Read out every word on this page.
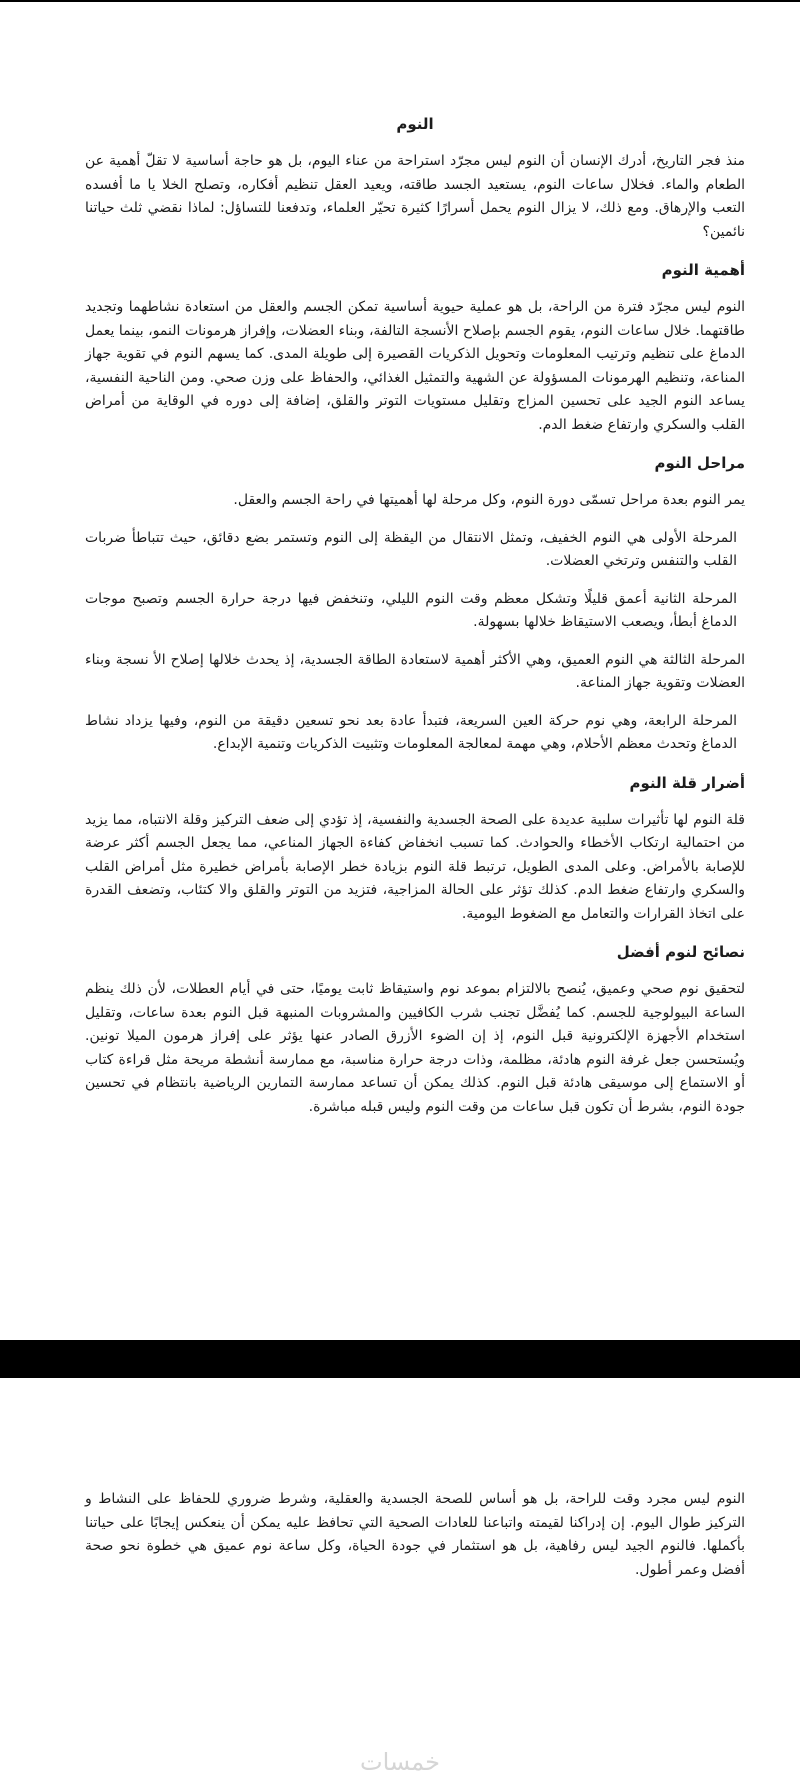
النوم

منذ فجر التاريخ، أدرك الإنسان أن النوم ليس مجرّد استراحة من عناء اليوم، بل هو حاجة أساسية لا تقلّ أهمية عن الطعام والماء. فخلال ساعات النوم، يستعيد الجسد طاقته، ويعيد العقل تنظيم أفكاره، وتصلح الخلا يا ما أفسده التعب والإرهاق. ومع ذلك، لا يزال النوم يحمل أسرارًا كثيرة تحيّر العلماء، وتدفعنا للتساؤل: لماذا نقضي ثلث حياتنا نائمين؟

أهمية النوم

النوم ليس مجرّد فترة من الراحة، بل هو عملية حيوية أساسية تمكن الجسم والعقل من استعادة نشاطهما وتجديد طاقتهما. خلال ساعات النوم، يقوم الجسم بإصلاح الأنسجة التالفة، وبناء العضلات، وإفراز هرمونات النمو، بينما يعمل الدماغ على تنظيم وترتيب المعلومات وتحويل الذكريات القصيرة إلى طويلة المدى. كما يسهم النوم في تقوية جهاز المناعة، وتنظيم الهرمونات المسؤولة عن الشهية والتمثيل الغذائي، والحفاظ على وزن صحي. ومن الناحية النفسية، يساعد النوم الجيد على تحسين المزاج وتقليل مستويات التوتر والقلق، إضافة إلى دوره في الوقاية من أمراض القلب والسكري وارتفاع ضغط الدم.

مراحل النوم

يمر النوم بعدة مراحل تسمّى دورة النوم، وكل مرحلة لها أهميتها في راحة الجسم والعقل.

المرحلة الأولى هي النوم الخفيف، وتمثل الانتقال من اليقظة إلى النوم وتستمر بضع دقائق، حيث تتباطأ ضربات القلب والتنفس وترتخي العضلات.

المرحلة الثانية أعمق قليلًا وتشكل معظم وقت النوم الليلي، وتنخفض فيها درجة حرارة الجسم وتصبح موجات الدماغ أبطأ، ويصعب الاستيقاظ خلالها بسهولة.

المرحلة الثالثة هي النوم العميق، وهي الأكثر أهمية لاستعادة الطاقة الجسدية، إذ يحدث خلالها إصلاح الأ نسجة وبناء العضلات وتقوية جهاز المناعة.

المرحلة الرابعة، وهي نوم حركة العين السريعة، فتبدأ عادة بعد نحو تسعين دقيقة من النوم، وفيها يزداد نشاط الدماغ وتحدث معظم الأحلام، وهي مهمة لمعالجة المعلومات وتثبيت الذكريات وتنمية الإبداع.

أضرار قلة النوم

قلة النوم لها تأثيرات سلبية عديدة على الصحة الجسدية والنفسية، إذ تؤدي إلى ضعف التركيز وقلة الانتباه، مما يزيد من احتمالية ارتكاب الأخطاء والحوادث. كما تسبب انخفاض كفاءة الجهاز المناعي، مما يجعل الجسم أكثر عرضة للإصابة بالأمراض. وعلى المدى الطويل، ترتبط قلة النوم بزيادة خطر الإصابة بأمراض خطيرة مثل أمراض القلب والسكري وارتفاع ضغط الدم. كذلك تؤثر على الحالة المزاجية، فتزيد من التوتر والقلق والا كتئاب، وتضعف القدرة على اتخاذ القرارات والتعامل مع الضغوط اليومية.

نصائح لنوم أفضل

لتحقيق نوم صحي وعميق، يُنصح بالالتزام بموعد نوم واستيقاظ ثابت يوميًا، حتى في أيام العطلات، لأن ذلك ينظم الساعة البيولوجية للجسم. كما يُفضَّل تجنب شرب الكافيين والمشروبات المنبهة قبل النوم بعدة ساعات، وتقليل استخدام الأجهزة الإلكترونية قبل النوم، إذ إن الضوء الأزرق الصادر عنها يؤثر على إفراز هرمون الميلا تونين. ويُستحسن جعل غرفة النوم هادئة، مظلمة، وذات درجة حرارة مناسبة، مع ممارسة أنشطة مريحة مثل قراءة كتاب أو الاستماع إلى موسيقى هادئة قبل النوم. كذلك يمكن أن تساعد ممارسة التمارين الرياضية بانتظام في تحسين جودة النوم، بشرط أن تكون قبل ساعات من وقت النوم وليس قبله مباشرة.

النوم ليس مجرد وقت للراحة، بل هو أساس للصحة الجسدية والعقلية، وشرط ضروري للحفاظ على النشاط و التركيز طوال اليوم. إن إدراكنا لقيمته واتباعنا للعادات الصحية التي تحافظ عليه يمكن أن ينعكس إيجابًا على حياتنا بأكملها. فالنوم الجيد ليس رفاهية، بل هو استثمار في جودة الحياة، وكل ساعة نوم عميق هي خطوة نحو صحة أفضل وعمر أطول.

خمسات
